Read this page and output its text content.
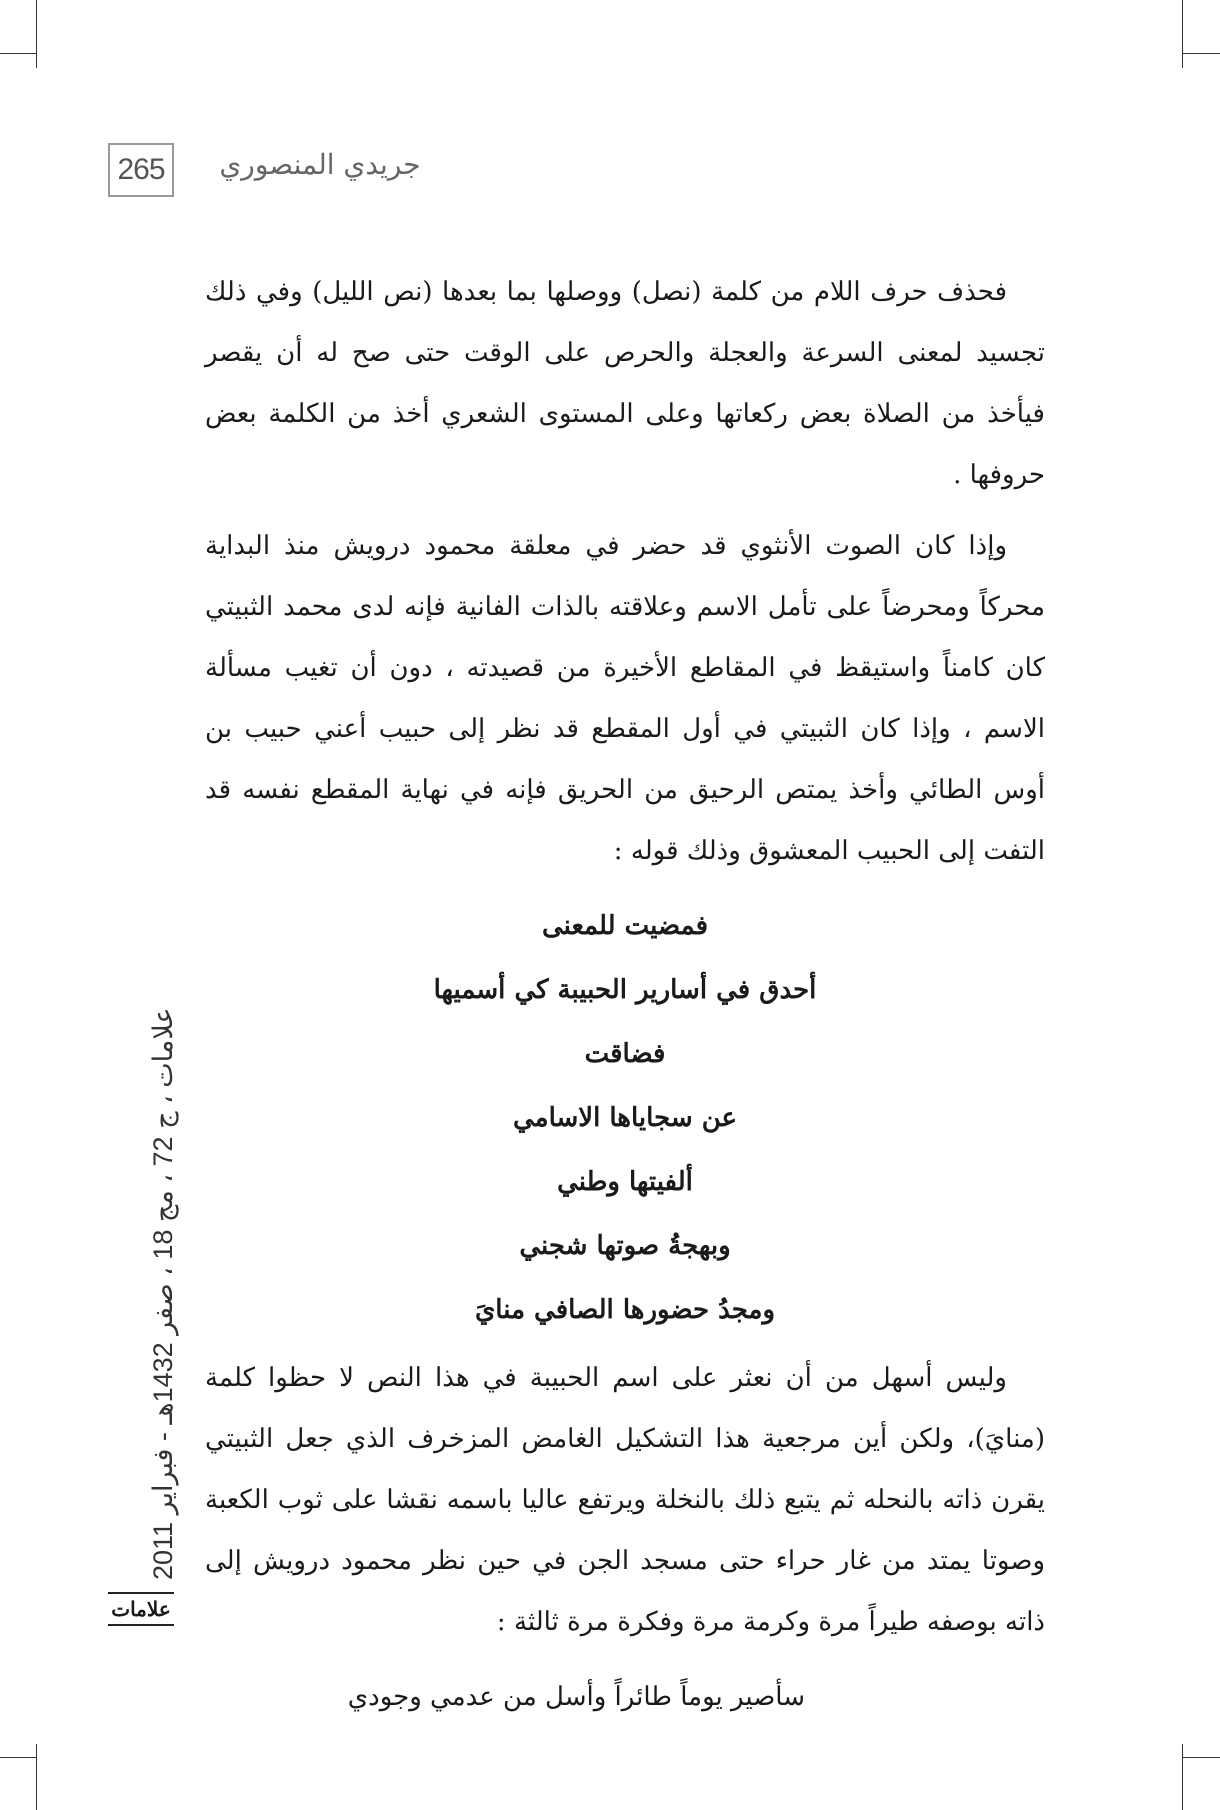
265	جريدي المنصوري

فحذف حرف اللام من كلمة (نصل) ووصلها بما بعدها (نص الليل) وفي ذلك تجسيد لمعنى السرعة والعجلة والحرص على الوقت حتى صح له أن يقصر فيأخذ من الصلاة بعض ركعاتها وعلى المستوى الشعري أخذ من الكلمة بعض حروفها .

وإذا كان الصوت الأنثوي قد حضر في معلقة محمود درويش منذ البداية محركاً ومحرضاً على تأمل الاسم وعلاقته بالذات الفانية فإنه لدى محمد الثبيتي كان كامناً واستيقظ في المقاطع الأخيرة من قصيدته ، دون أن تغيب مسألة الاسم ، وإذا كان الثبيتي في أول المقطع قد نظر إلى حبيب أعني حبيب بن أوس الطائي وأخذ يمتص الرحيق من الحريق فإنه في نهاية المقطع نفسه قد التفت إلى الحبيب المعشوق وذلك قوله :

فمضيت للمعنى

أحدق في أسارير الحبيبة كي أسميها

فضاقت

عن سجاياها الاسامي

ألفيتها وطني

وبهجةُ صوتها شجني

ومجدُ حضورها الصافي منايَ

وليس أسهل من أن نعثر على اسم الحبيبة في هذا النص لا حظوا كلمة (منايَ)، ولكن أين مرجعية هذا التشكيل الغامض المزخرف الذي جعل الثبيتي يقرن ذاته بالنحله ثم يتبع ذلك بالنخلة ويرتفع عاليا باسمه نقشا على ثوب الكعبة وصوتا يمتد من غار حراء حتى مسجد الجن في حين نظر محمود درويش إلى ذاته بوصفه طيراً مرة وكرمة مرة وفكرة مرة ثالثة :

سأصير يوماً طائراً وأسل من عدمي وجودي

علامات ، ج 72 ، مج 18 ، صفر 1432هـ - فبراير 2011
علامات
